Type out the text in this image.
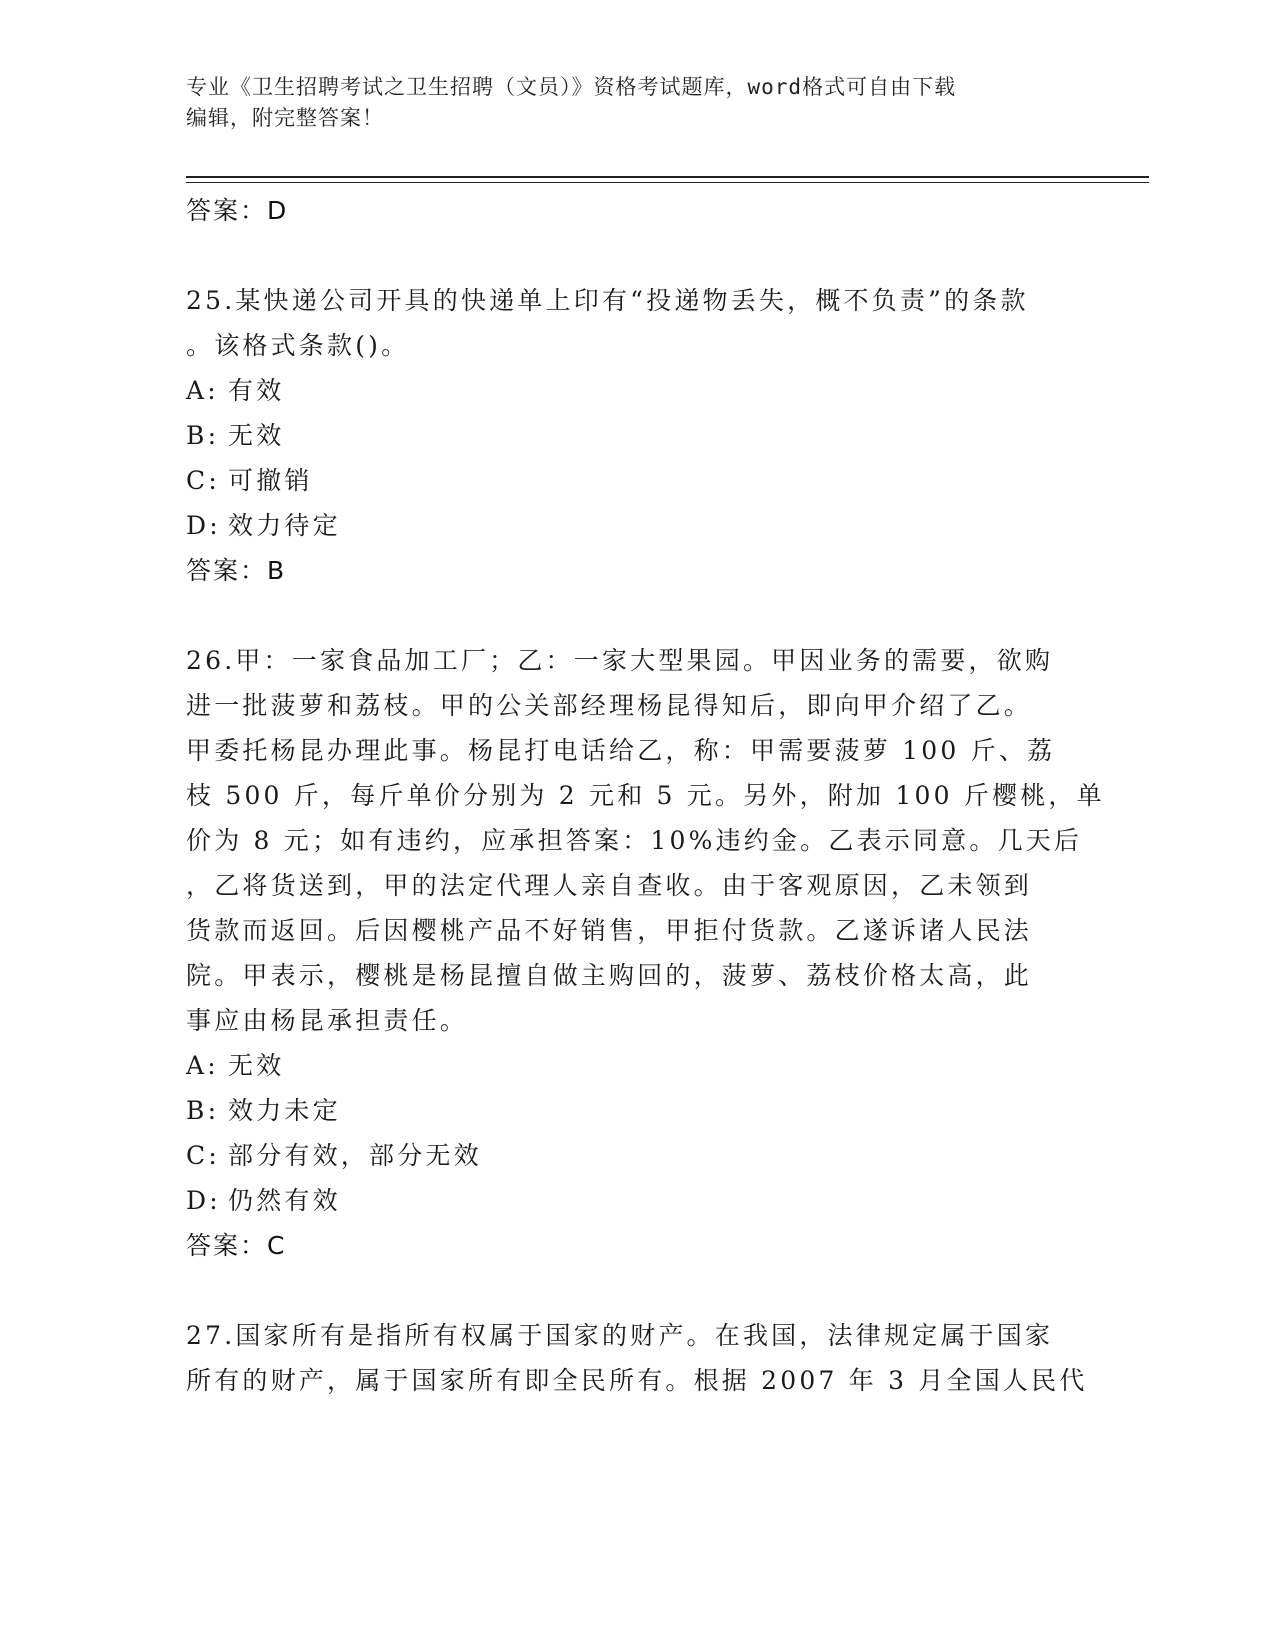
专业《卫生招聘考试之卫生招聘（文员）》资格考试题库，word格式可自由下载
编辑，附完整答案！
答案：D
25.某快递公司开具的快递单上印有“投递物丢失，概不负责”的条款
。该格式条款()。
A: 有效
B: 无效
C: 可撤销
D: 效力待定
答案：B
26.甲：一家食品加工厂；乙：一家大型果园。甲因业务的需要，欲购
进一批菠萝和荔枝。甲的公关部经理杨昆得知后，即向甲介绍了乙。
甲委托杨昆办理此事。杨昆打电话给乙，称：甲需要菠萝 100 斤、荔
枝 500 斤，每斤单价分别为 2 元和 5 元。另外，附加 100 斤樱桃，单
价为 8 元；如有违约，应承担答案：10%违约金。乙表示同意。几天后
，乙将货送到，甲的法定代理人亲自查收。由于客观原因，乙未领到
货款而返回。后因樱桃产品不好销售，甲拒付货款。乙遂诉诸人民法
院。甲表示，樱桃是杨昆擅自做主购回的，菠萝、荔枝价格太高，此
事应由杨昆承担责任。
A: 无效
B: 效力未定
C: 部分有效，部分无效
D: 仍然有效
答案：C
27.国家所有是指所有权属于国家的财产。在我国，法律规定属于国家
所有的财产，属于国家所有即全民所有。根据 2007 年 3 月全国人民代
